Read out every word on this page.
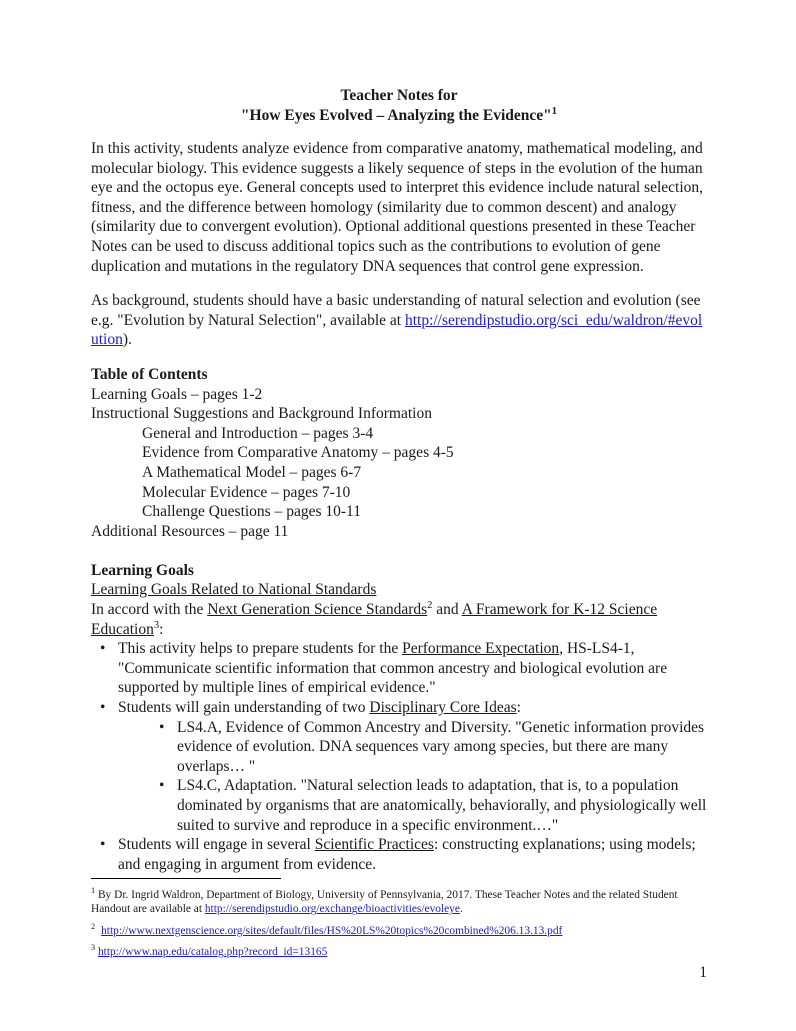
Teacher Notes for
"How Eyes Evolved – Analyzing the Evidence"$^1$

In this activity, students analyze evidence from comparative anatomy, mathematical modeling, and molecular biology. This evidence suggests a likely sequence of steps in the evolution of the human eye and the octopus eye. General concepts used to interpret this evidence include natural selection, fitness, and the difference between homology (similarity due to common descent) and analogy (similarity due to convergent evolution). Optional additional questions presented in these Teacher Notes can be used to discuss additional topics such as the contributions to evolution of gene duplication and mutations in the regulatory DNA sequences that control gene expression.

As background, students should have a basic understanding of natural selection and evolution (see e.g. "Evolution by Natural Selection", available at http://serendipstudio.org/sci_edu/waldron/#evolution).

Table of Contents
Learning Goals – pages 1-2
Instructional Suggestions and Background Information
General and Introduction – pages 3-4
Evidence from Comparative Anatomy – pages 4-5
A Mathematical Model – pages 6-7
Molecular Evidence – pages 7-10
Challenge Questions – pages 10-11
Additional Resources – page 11
Learning Goals
Learning Goals Related to National Standards
In accord with the Next Generation Science Standards$^2$ and A Framework for K-12 Science Education$^3$:
• This activity helps to prepare students for the Performance Expectation, HS-LS4-1, "Communicate scientific information that common ancestry and biological evolution are supported by multiple lines of empirical evidence."
• Students will gain understanding of two Disciplinary Core Ideas:
• LS4.A, Evidence of Common Ancestry and Diversity. "Genetic information provides evidence of evolution. DNA sequences vary among species, but there are many overlaps… "
• LS4.C, Adaptation. "Natural selection leads to adaptation, that is, to a population dominated by organisms that are anatomically, behaviorally, and physiologically well suited to survive and reproduce in a specific environment.…"
• Students will engage in several Scientific Practices: constructing explanations; using models; and engaging in argument from evidence.

$^1$ By Dr. Ingrid Waldron, Department of Biology, University of Pennsylvania, 2017. These Teacher Notes and the related Student Handout are available at http://serendipstudio.org/exchange/bioactivities/evoleye.

$^2$ http://www.nextgenscience.org/sites/default/files/HS%20LS%20topics%20combined%206.13.13.pdf

$^3$ http://www.nap.edu/catalog.php?record_id=13165

1
